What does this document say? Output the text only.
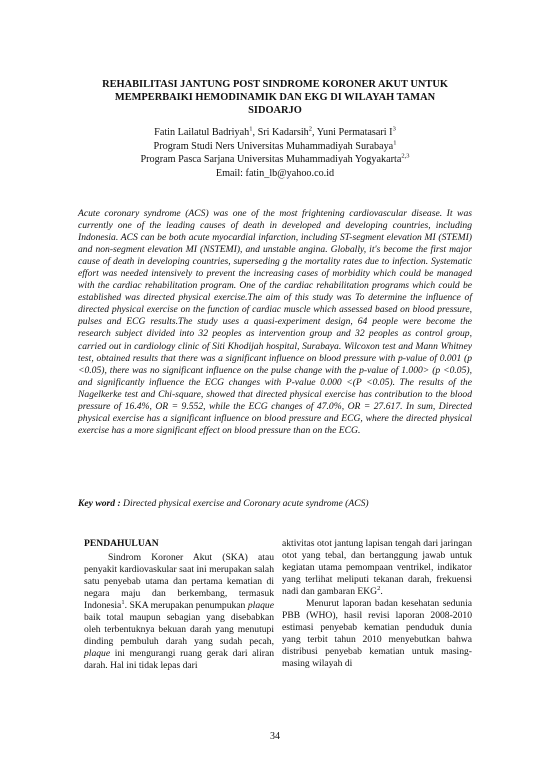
REHABILITASI JANTUNG POST SINDROME KORONER AKUT UNTUK
MEMPERBAIKI HEMODINAMIK DAN EKG DI WILAYAH TAMAN
SIDOARJO
Fatin Lailatul Badriyah$^1$, Sri Kadarsih$^2$, Yuni Permatasari $I^3$
Program Studi Ners Universitas Muhammadiyah Surabaya$^1$
Program Pasca Sarjana Universitas Muhammadiyah Yogyakarta$^{2,3}$
Email: fatin_lb@yahoo.co.id
Acute coronary syndrome (ACS) was one of the most frightening cardiovascular disease. It was currently one of the leading causes of death in developed and developing countries, including Indonesia. ACS can be both acute myocardial infarction, including ST-segment elevation MI (STEMI) and non-segment elevation MI (NSTEMI), and unstable angina. Globally, it's become the first major cause of death in developing countries, superseding g the mortality rates due to infection. Systematic effort was needed intensively to prevent the increasing cases of morbidity which could be managed with the cardiac rehabilitation program. One of the cardiac rehabilitation programs which could be established was directed physical exercise.The aim of this study was To determine the influence of directed physical exercise on the function of cardiac muscle which assessed based on blood pressure, pulses and ECG results.The study uses a quasi-experiment design, 64 people were become the research subject divided into 32 peoples as intervention group and 32 peoples as control group, carried out in cardiology clinic of Siti Khodijah hospital, Surabaya. Wilcoxon test and Mann Whitney test, obtained results that there was a significant influence on blood pressure with p-value of 0.001 (p <0.05), there was no significant influence on the pulse change with the p-value of 1.000> (p <0.05), and significantly influence the ECG changes with P-value 0.000 <(P <0.05). The results of the Nagelkerke test and Chi-square, showed that directed physical exercise has contribution to the blood pressure of 16.4%, OR = 9.552, while the ECG changes of 47.0%, OR = 27.617. In sum, Directed physical exercise has a significant influence on blood pressure and ECG, where the directed physical exercise has a more significant effect on blood pressure than on the ECG.
Key word : Directed physical exercise and Coronary acute syndrome (ACS)
PENDAHULUAN

Sindrom Koroner Akut (SKA) atau penyakit kardiovaskular saat ini merupakan salah satu penyebab utama dan pertama kematian di negara maju dan berkembang, termasuk Indonesia$^1$. SKA merupakan penumpukan plaque baik total maupun sebagian yang disebabkan oleh terbentuknya bekuan darah yang menutupi dinding pembuluh darah yang sudah pecah, plaque ini mengurangi ruang gerak dari aliran darah. Hal ini tidak lepas dari

aktivitas otot jantung lapisan tengah dari jaringan otot yang tebal, dan bertanggung jawab untuk kegiatan utama pemompaan ventrikel, indikator yang terlihat meliputi tekanan darah, frekuensi nadi dan gambaran EKG$^2$.

Menurut laporan badan kesehatan sedunia PBB (WHO), hasil revisi laporan 2008-2010 estimasi penyebab kematian penduduk dunia yang terbit tahun 2010 menyebutkan bahwa distribusi penyebab kematian untuk masing-masing wilayah di

34
